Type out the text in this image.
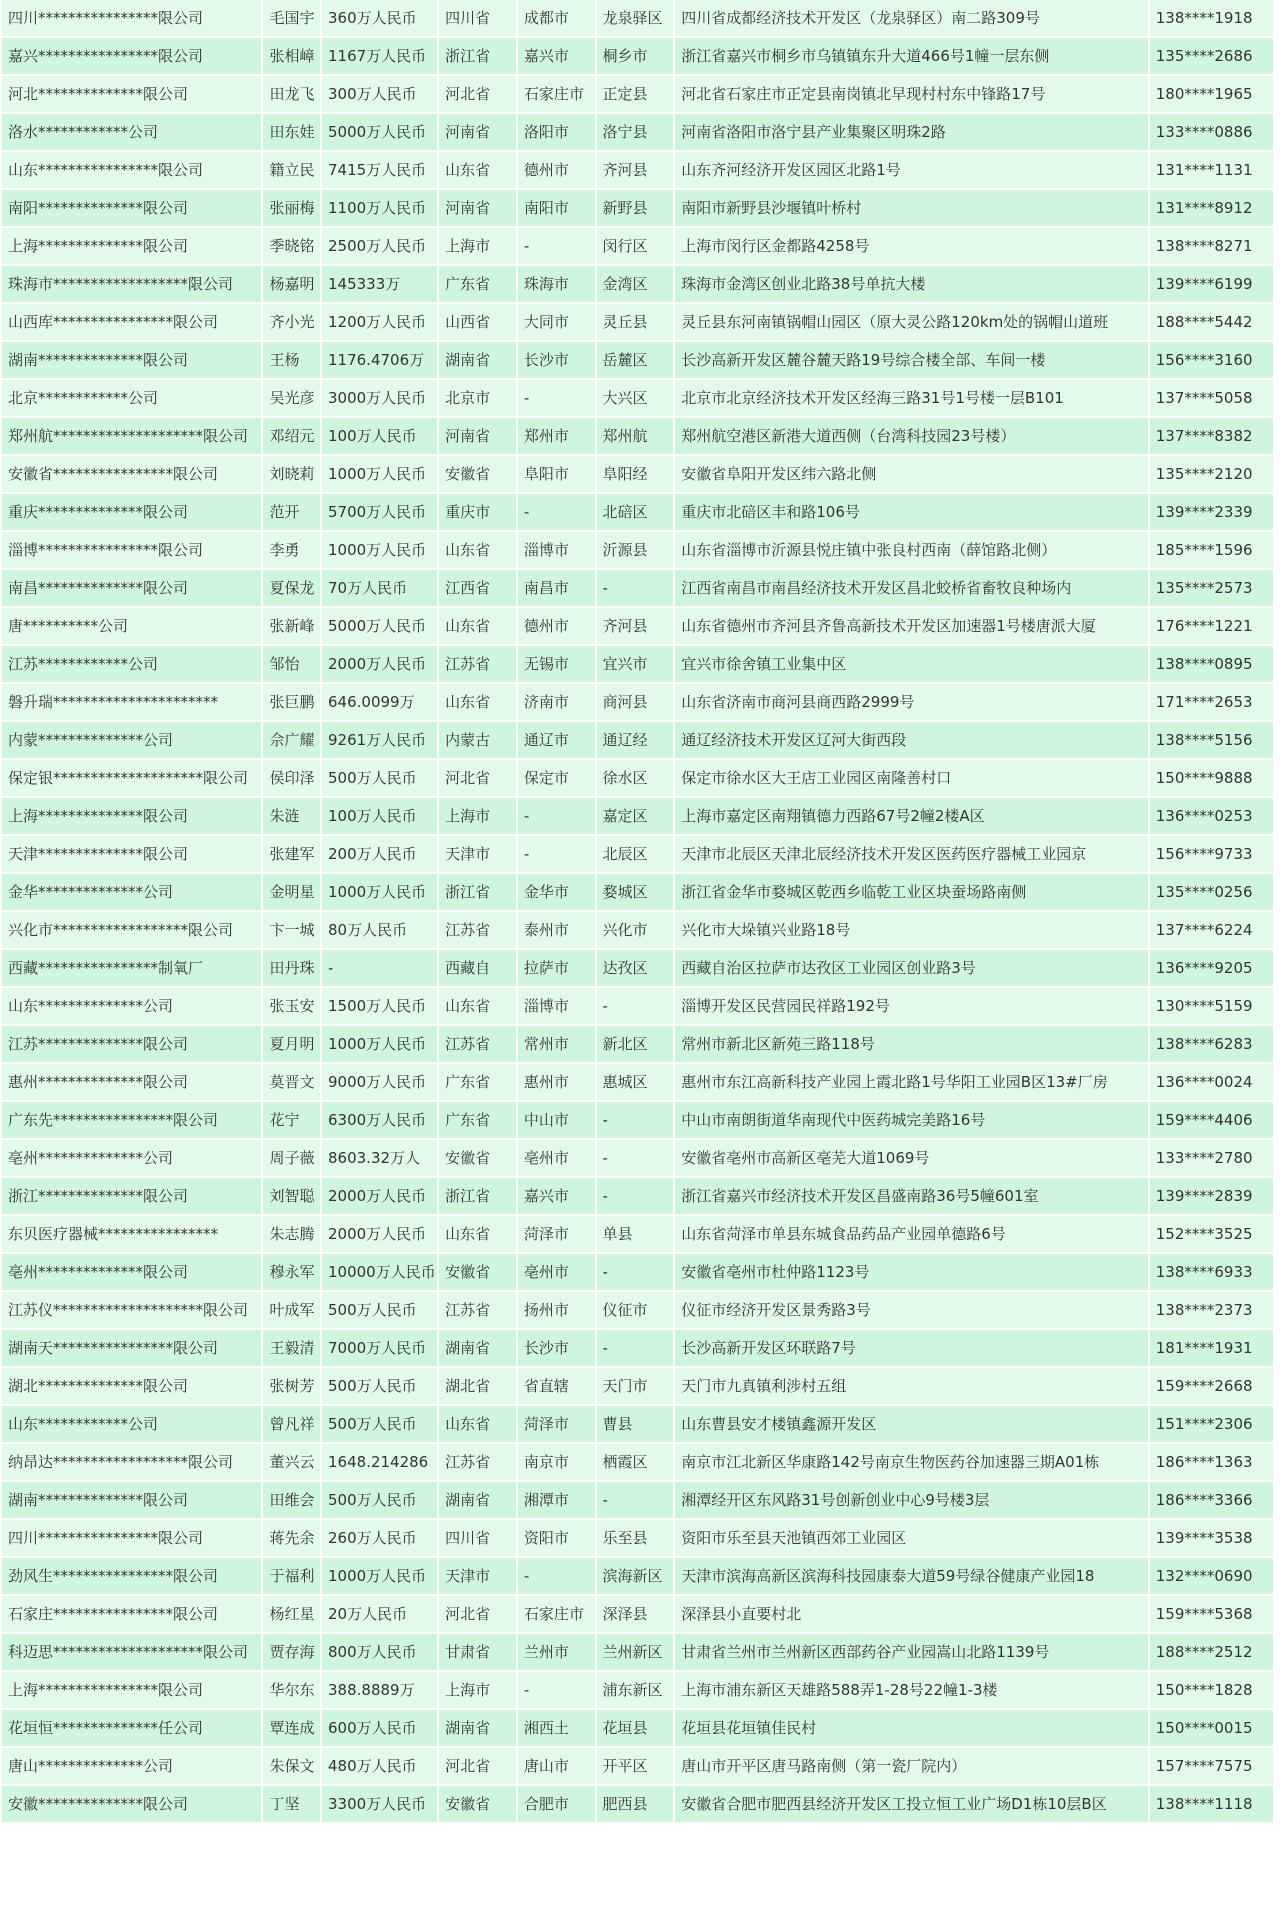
四川****************限公司	毛国宇	360万人民币	四川省	成都市	龙泉驿区	四川省成都经济技术开发区（龙泉驿区）南二路309号	138****1918
嘉兴****************限公司	张相嶂	1167万人民币	浙江省	嘉兴市	桐乡市	浙江省嘉兴市桐乡市乌镇镇东升大道466号1幢一层东侧	135****2686
河北**************限公司	田龙飞	300万人民币	河北省	石家庄市	正定县	河北省石家庄市正定县南岗镇北早现村村东中锋路17号	180****1965
洛水************公司	田东娃	5000万人民币	河南省	洛阳市	洛宁县	河南省洛阳市洛宁县产业集聚区明珠2路	133****0886
山东****************限公司	籍立民	7415万人民币	山东省	德州市	齐河县	山东齐河经济开发区园区北路1号	131****1131
南阳**************限公司	张丽梅	1100万人民币	河南省	南阳市	新野县	南阳市新野县沙堰镇叶桥村	131****8912
上海**************限公司	季晓铭	2500万人民币	上海市	-	闵行区	上海市闵行区金都路4258号	138****8271
珠海市******************限公司	杨嘉明	145333万	广东省	珠海市	金湾区	珠海市金湾区创业北路38号单抗大楼	139****6199
山西库****************限公司	齐小光	1200万人民币	山西省	大同市	灵丘县	灵丘县东河南镇锅帽山园区（原大灵公路120km处的锅帽山道班	188****5442
湖南**************限公司	王杨	1176.4706万	湖南省	长沙市	岳麓区	长沙高新开发区麓谷麓天路19号综合楼全部、车间一楼	156****3160
北京************公司	吴光彦	3000万人民币	北京市	-	大兴区	北京市北京经济技术开发区经海三路31号1号楼一层B101	137****5058
郑州航********************限公司	邓绍元	100万人民币	河南省	郑州市	郑州航	郑州航空港区新港大道西侧（台湾科技园23号楼）	137****8382
安徽省****************限公司	刘晓莉	1000万人民币	安徽省	阜阳市	阜阳经	安徽省阜阳开发区纬六路北侧	135****2120
重庆**************限公司	范开	5700万人民币	重庆市	-	北碚区	重庆市北碚区丰和路106号	139****2339
淄博****************限公司	李勇	1000万人民币	山东省	淄博市	沂源县	山东省淄博市沂源县悦庄镇中张良村西南（薛馆路北侧）	185****1596
南昌**************限公司	夏保龙	70万人民币	江西省	南昌市	-	江西省南昌市南昌经济技术开发区昌北蛟桥省畜牧良种场内	135****2573
唐**********公司	张新峰	5000万人民币	山东省	德州市	齐河县	山东省德州市齐河县齐鲁高新技术开发区加速器1号楼唐派大厦	176****1221
江苏************公司	邹怡	2000万人民币	江苏省	无锡市	宜兴市	宜兴市徐舍镇工业集中区	138****0895
磐升瑞**********************	张巨鹏	646.0099万	山东省	济南市	商河县	山东省济南市商河县商西路2999号	171****2653
内蒙**************公司	佘广耀	9261万人民币	内蒙古	通辽市	通辽经	通辽经济技术开发区辽河大街西段	138****5156
保定银********************限公司	侯印泽	500万人民币	河北省	保定市	徐水区	保定市徐水区大王店工业园区南隆善村口	150****9888
上海**************限公司	朱涟	100万人民币	上海市	-	嘉定区	上海市嘉定区南翔镇德力西路67号2幢2楼A区	136****0253
天津**************限公司	张建军	200万人民币	天津市	-	北辰区	天津市北辰区天津北辰经济技术开发区医药医疗器械工业园京	156****9733
金华**************公司	金明星	1000万人民币	浙江省	金华市	婺城区	浙江省金华市婺城区乾西乡临乾工业区块蚕场路南侧	135****0256
兴化市******************限公司	卞一城	80万人民币	江苏省	泰州市	兴化市	兴化市大垛镇兴业路18号	137****6224
西藏****************制氧厂	田丹珠	-	西藏自	拉萨市	达孜区	西藏自治区拉萨市达孜区工业园区创业路3号	136****9205
山东**************公司	张玉安	1500万人民币	山东省	淄博市	-	淄博开发区民营园民祥路192号	130****5159
江苏**************限公司	夏月明	1000万人民币	江苏省	常州市	新北区	常州市新北区新苑三路118号	138****6283
惠州**************限公司	莫晋文	9000万人民币	广东省	惠州市	惠城区	惠州市东江高新科技产业园上霞北路1号华阳工业园B区13#厂房	136****0024
广东先****************限公司	花宁	6300万人民币	广东省	中山市	-	中山市南朗街道华南现代中医药城完美路16号	159****4406
亳州**************公司	周子薇	8603.32万人	安徽省	亳州市	-	安徽省亳州市高新区亳芜大道1069号	133****2780
浙江**************限公司	刘智聪	2000万人民币	浙江省	嘉兴市	-	浙江省嘉兴市经济技术开发区昌盛南路36号5幢601室	139****2839
东贝医疗器械****************	朱志腾	2000万人民币	山东省	菏泽市	单县	山东省菏泽市单县东城食品药品产业园单德路6号	152****3525
亳州**************限公司	穆永军	10000万人民币	安徽省	亳州市	-	安徽省亳州市杜仲路1123号	138****6933
江苏仪********************限公司	叶成军	500万人民币	江苏省	扬州市	仪征市	仪征市经济开发区景秀路3号	138****2373
湖南天****************限公司	王毅清	7000万人民币	湖南省	长沙市	-	长沙高新开发区环联路7号	181****1931
湖北**************限公司	张树芳	500万人民币	湖北省	省直辖	天门市	天门市九真镇利涉村五组	159****2668
山东************公司	曾凡祥	500万人民币	山东省	菏泽市	曹县	山东曹县安才楼镇鑫源开发区	151****2306
纳昂达******************限公司	董兴云	1648.214286	江苏省	南京市	栖霞区	南京市江北新区华康路142号南京生物医药谷加速器三期A01栋	186****1363
湖南**************限公司	田维会	500万人民币	湖南省	湘潭市	-	湘潭经开区东风路31号创新创业中心9号楼3层	186****3366
四川****************限公司	蒋先余	260万人民币	四川省	资阳市	乐至县	资阳市乐至县天池镇西郊工业园区	139****3538
劲风生****************限公司	于福利	1000万人民币	天津市	-	滨海新区	天津市滨海高新区滨海科技园康泰大道59号绿谷健康产业园18	132****0690
石家庄****************限公司	杨红星	20万人民币	河北省	石家庄市	深泽县	深泽县小直要村北	159****5368
科迈思********************限公司	贾存海	800万人民币	甘肃省	兰州市	兰州新区	甘肃省兰州市兰州新区西部药谷产业园嵩山北路1139号	188****2512
上海****************限公司	华尔东	388.8889万	上海市	-	浦东新区	上海市浦东新区天雄路588弄1-28号22幢1-3楼	150****1828
花垣恒**************任公司	覃连成	600万人民币	湖南省	湘西土	花垣县	花垣县花垣镇佳民村	150****0015
唐山**************公司	朱保文	480万人民币	河北省	唐山市	开平区	唐山市开平区唐马路南侧（第一瓷厂院内）	157****7575
安徽**************限公司	丁坚	3300万人民币	安徽省	合肥市	肥西县	安徽省合肥市肥西县经济开发区工投立恒工业广场D1栋10层B区	138****1118
